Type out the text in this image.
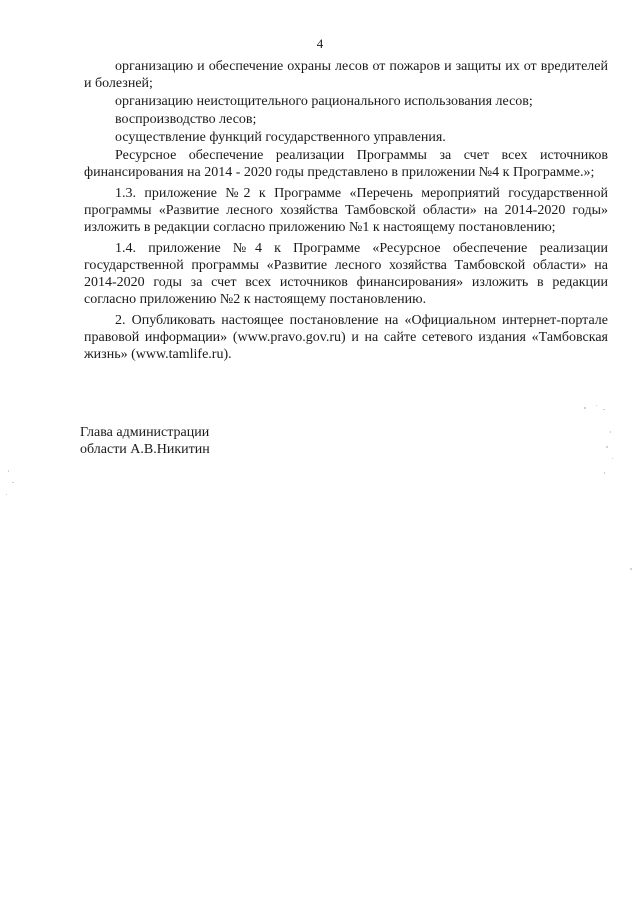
4

организацию и обеспечение охраны лесов от пожаров и защиты их от вредителей и болезней;

организацию неистощительного рационального использования лесов;

воспроизводство лесов;

осуществление функций государственного управления.

Ресурсное обеспечение реализации Программы за счет всех источников финансирования на 2014 - 2020 годы представлено в приложении №4 к Программе.»;

1.3. приложение №2 к Программе «Перечень мероприятий государственной программы «Развитие лесного хозяйства Тамбовской области» на 2014-2020 годы» изложить в редакции согласно приложению №1 к настоящему постановлению;

1.4. приложение №4 к Программе «Ресурсное обеспечение реализации государственной программы «Развитие лесного хозяйства Тамбовской области» на 2014-2020 годы за счет всех источников финансирования» изложить в редакции согласно приложению №2 к настоящему постановлению.

2. Опубликовать настоящее постановление на «Официальном интернет-портале правовой информации» (www.pravo.gov.ru) и на сайте сетевого издания «Тамбовская жизнь» (www.tamlife.ru).

Глава администрации
области А.В.Никитин
